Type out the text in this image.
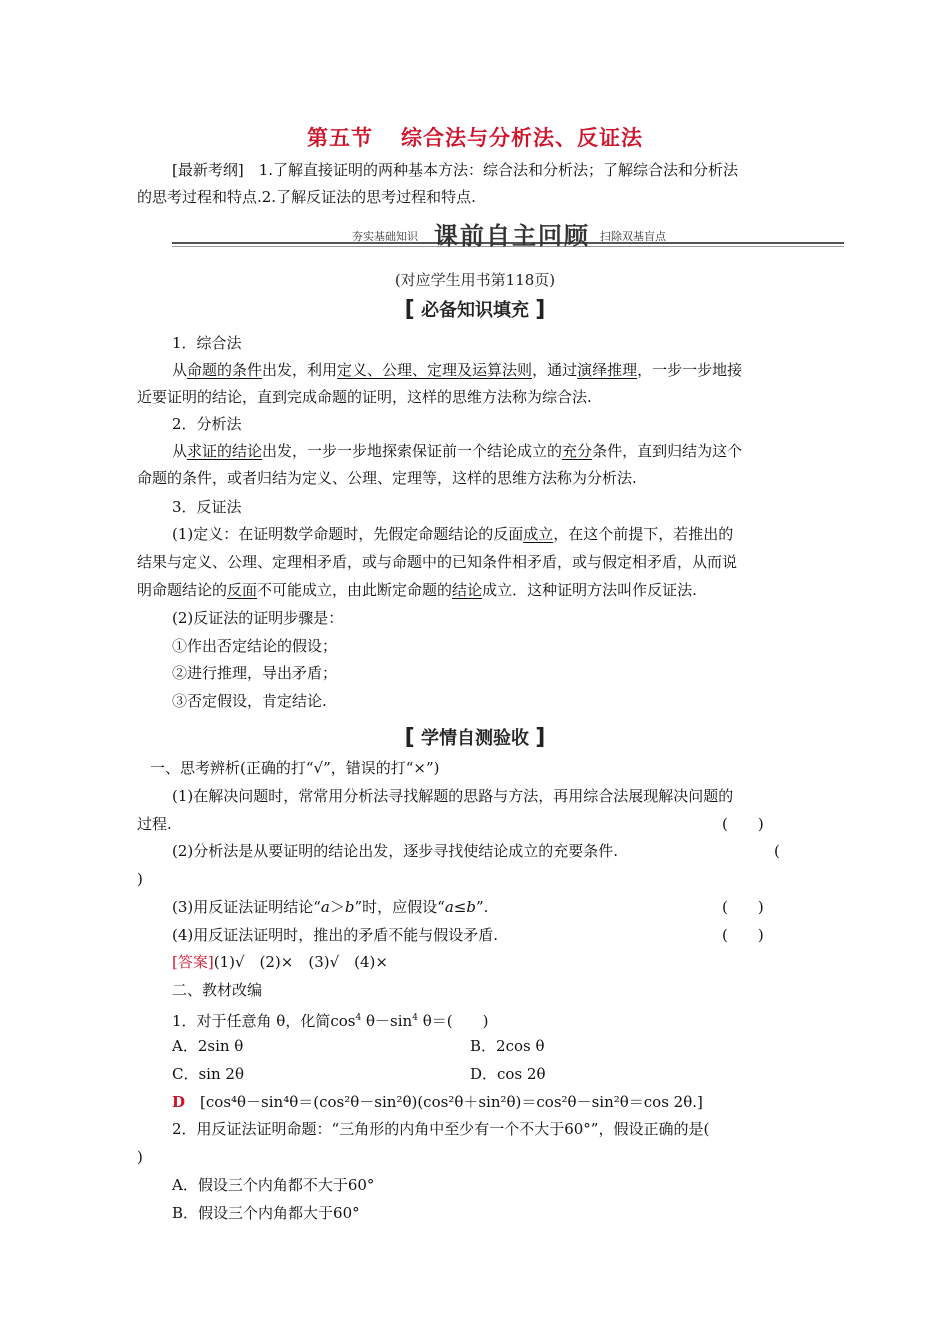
第五节 综合法与分析法、反证法
[最新考纲]　 1.了解直接证明的两种基本方法：综合法和分析法；了解综合法和分析法
的思考过程和特点.2.了解反证法的思考过程和特点.
夯实基础知识 课前自主回顾 扫除双基盲点
(对应学生用书第118页)
[ 必备知识填充 ]
1．综合法
从命题的条件出发，利用定义、公理、定理及运算法则，通过演绎推理，一步一步地接
近要证明的结论，直到完成命题的证明，这样的思维方法称为综合法.
2．分析法
从求证的结论出发，一步一步地探索保证前一个结论成立的充分条件，直到归结为这个
命题的条件，或者归结为定义、公理、定理等，这样的思维方法称为分析法.
3．反证法
(1)定义：在证明数学命题时，先假定命题结论的反面成立，在这个前提下，若推出的
结果与定义、公理、定理相矛盾，或与命题中的已知条件相矛盾，或与假定相矛盾，从而说
明命题结论的反面不可能成立，由此断定命题的结论成立．这种证明方法叫作反证法.
(2)反证法的证明步骤是：
①作出否定结论的假设；
②进行推理，导出矛盾；
③否定假设，肯定结论.
[ 学情自测验收 ]
一、思考辨析(正确的打“√”，错误的打“×”)
(1)在解决问题时，常常用分析法寻找解题的思路与方法，再用综合法展现解决问题的
过程.	(　　)
(2)分析法是从要证明的结论出发，逐步寻找使结论成立的充要条件.	(
)
(3)用反证法证明结论“a＞b”时，应假设“a≤b”.	(　　)
(4)用反证法证明时，推出的矛盾不能与假设矛盾.	(　　)
[答案](1)√　(2)×　(3)√　(4)×
二、教材改编
1．对于任意角 θ，化简$\cos^4 \theta-\sin^4$ θ＝(　　)
A．2sin θ	B．2cos θ
C．sin 2θ	D．cos 2θ
D　 [cos⁴θ－sin⁴θ＝(cos²θ－sin²θ)(cos²θ＋sin²θ)＝cos²θ－sin²θ＝cos 2θ.]
2．用反证法证明命题：“三角形的内角中至少有一个不大于60°”，假设正确的是(
)
A．假设三个内角都不大于60°
B．假设三个内角都大于60°
